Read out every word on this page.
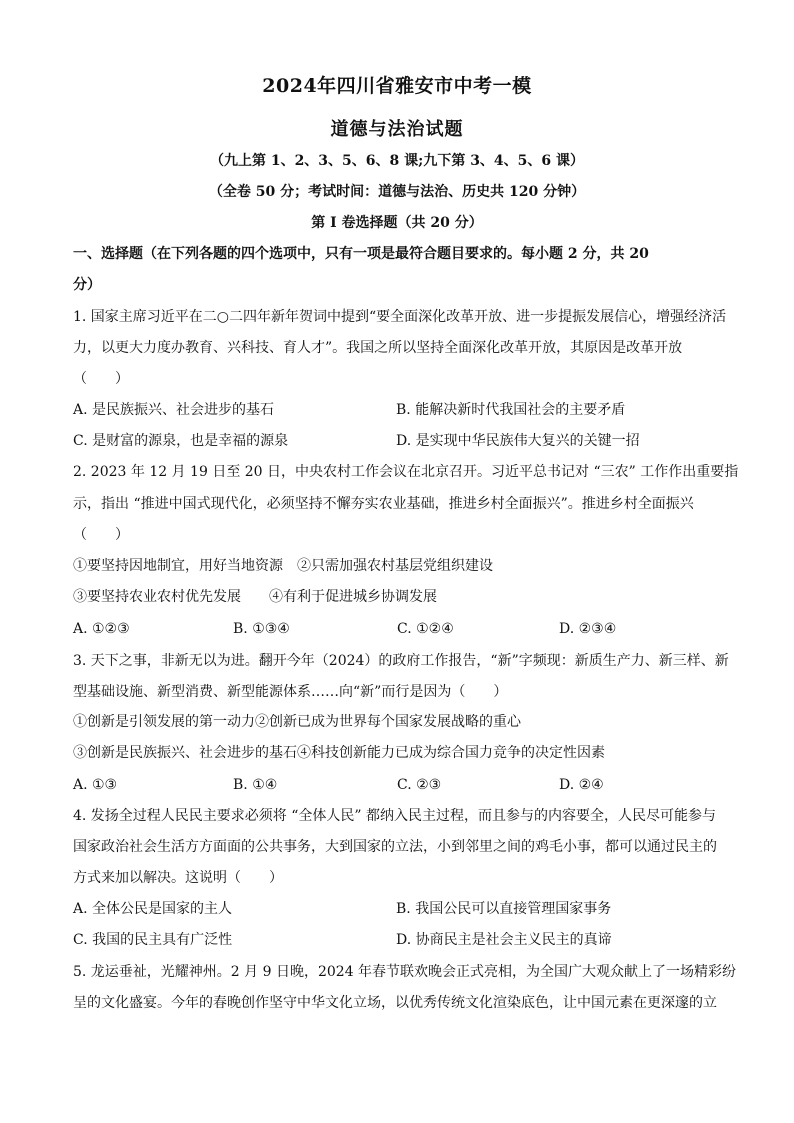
2024年四川省雅安市中考一模
道德与法治试题
（九上第 1、2、3、5、6、8 课;九下第 3、4、5、6 课）
（全卷 50 分；考试时间：道德与法治、历史共 120 分钟）
第 I 卷选择题（共 20 分）
一、选择题（在下列各题的四个选项中，只有一项是最符合题目要求的。每小题 2 分，共 20
分）
1. 国家主席习近平在二○二四年新年贺词中提到“要全面深化改革开放、进一步提振发展信心，增强经济活
力，以更大力度办教育、兴科技、育人才”。我国之所以坚持全面深化改革开放，其原因是改革开放
（　　）
A. 是民族振兴、社会进步的基石	B. 能解决新时代我国社会的主要矛盾
C. 是财富的源泉，也是幸福的源泉	D. 是实现中华民族伟大复兴的关键一招
2. 2023 年 12 月 19 日至 20 日，中央农村工作会议在北京召开。习近平总书记对 “三农” 工作作出重要指
示，指出 “推进中国式现代化，必须坚持不懈夯实农业基础，推进乡村全面振兴”。推进乡村全面振兴
（　　）
①要坚持因地制宜，用好当地资源　②只需加强农村基层党组织建设
③要坚持农业农村优先发展　　④有利于促进城乡协调发展
A. ①②③	B. ①③④	C. ①②④	D. ②③④
3. 天下之事，非新无以为进。翻开今年（2024）的政府工作报告，“新”字频现：新质生产力、新三样、新
型基础设施、新型消费、新型能源体系……向“新”而行是因为（　　）
①创新是引领发展的第一动力②创新已成为世界每个国家发展战略的重心
③创新是民族振兴、社会进步的基石④科技创新能力已成为综合国力竞争的决定性因素
A. ①③	B. ①④	C. ②③	D. ②④
4. 发扬全过程人民民主要求必须将 “全体人民” 都纳入民主过程，而且参与的内容要全，人民尽可能参与
国家政治社会生活方方面面的公共事务，大到国家的立法，小到邻里之间的鸡毛小事，都可以通过民主的
方式来加以解决。这说明（　　）
A. 全体公民是国家的主人	B. 我国公民可以直接管理国家事务
C. 我国的民主具有广泛性	D. 协商民主是社会主义民主的真谛
5. 龙运垂祉，光耀神州。2 月 9 日晚，2024 年春节联欢晚会正式亮相，为全国广大观众献上了一场精彩纷
呈的文化盛宴。今年的春晚创作坚守中华文化立场，以优秀传统文化渲染底色，让中国元素在更深邃的立
